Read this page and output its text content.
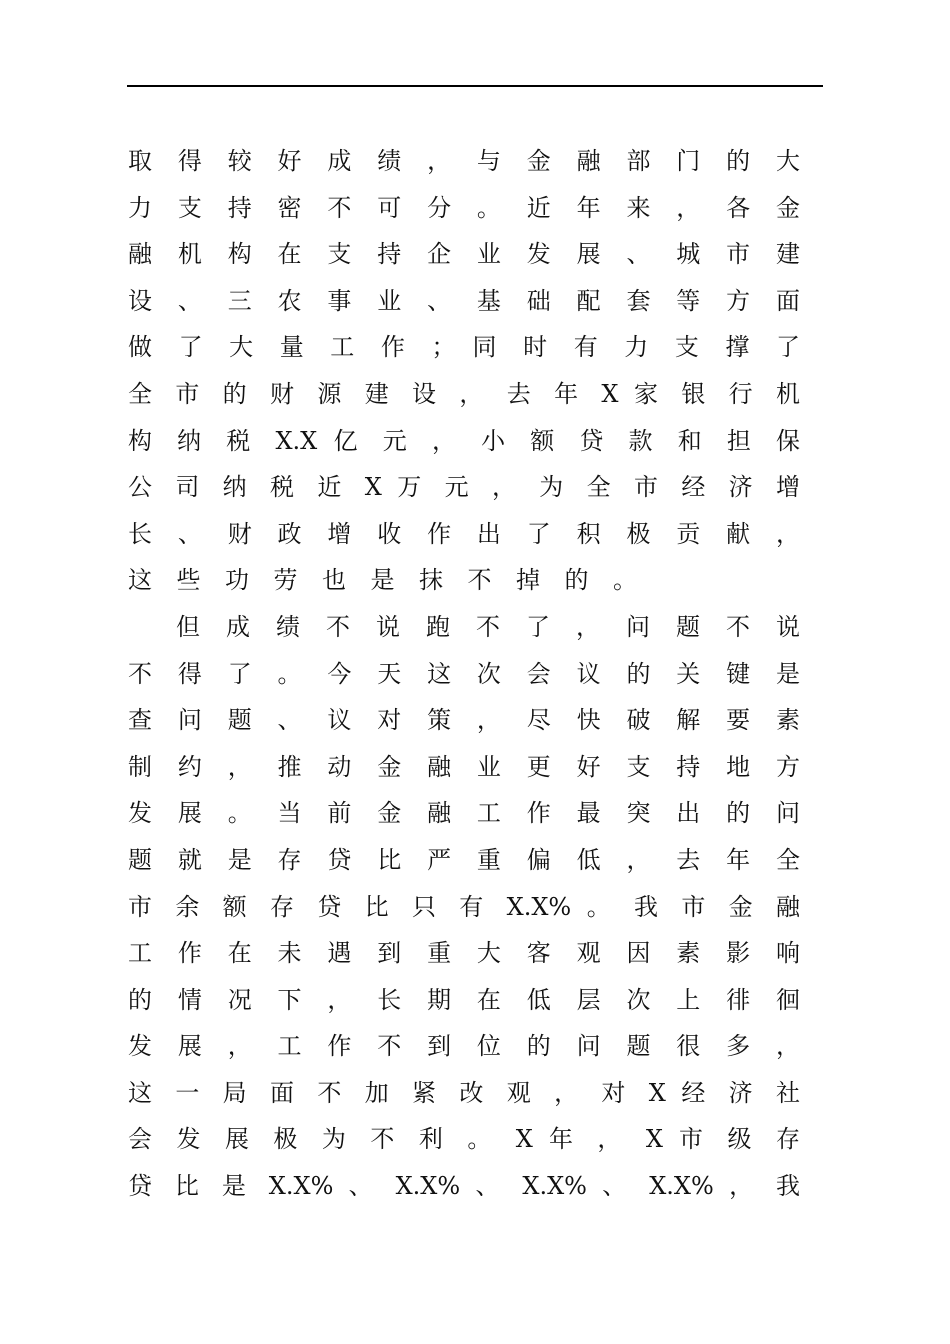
取 得 较 好 成 绩 ， 与 金 融 部 门 的 大
力 支 持 密 不 可 分 。 近 年 来 ， 各 金
融 机 构 在 支 持 企 业 发 展 、 城 市 建
设 、 三 农 事 业 、 基 础 配 套 等 方 面
做 了 大 量 工 作 ； 同 时 有 力 支 撑 了
全 市 的 财 源 建 设 ， 去 年 X 家 银 行 机
构 纳 税 X.X 亿 元 ， 小 额 贷 款 和 担 保
公 司 纳 税 近 X 万 元 ， 为 全 市 经 济 增
长 、 财 政 增 收 作 出 了 积 极 贡 献 ，
这些功劳也是抹不掉的。
但 成 绩 不 说 跑 不 了 ， 问 题 不 说
不 得 了 。 今 天 这 次 会 议 的 关 键 是
查 问 题 、 议 对 策 ， 尽 快 破 解 要 素
制 约 ， 推 动 金 融 业 更 好 支 持 地 方
发 展 。 当 前 金 融 工 作 最 突 出 的 问
题 就 是 存 贷 比 严 重 偏 低 ， 去 年 全
市 余 额 存 贷 比 只 有 X.X% 。 我 市 金 融
工 作 在 未 遇 到 重 大 客 观 因 素 影 响
的 情 况 下 ， 长 期 在 低 层 次 上 徘 徊
发 展 ， 工 作 不 到 位 的 问 题 很 多 ，
这 一 局 面 不 加 紧 改 观 ， 对 X 经 济 社
会 发 展 极 为 不 利 。 X 年 ， X 市 级 存
贷 比 是 X.X% 、 X.X% 、 X.X% 、 X.X% ， 我
